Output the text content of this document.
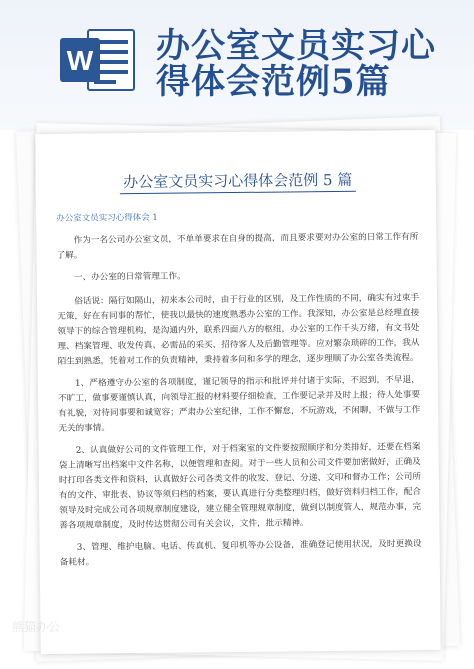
W 办公室文员实习心得体会范例5篇
办公室文员实习心得体会范例 5 篇
办公室文员实习心得体会 1

作为一名公司办公室文员，不单单要求在自身的提高，而且要求要对办公室的日常工作有所了解。

一、办公室的日常管理工作。

俗话说：隔行如隔山，初来本公司时，由于行业的区别，及工作性质的不同，确实有过束手无策，好在有同事的帮忙，使我以最快的速度熟悉办公室的工作。我深知，办公室是总经理直接领导下的综合管理机构，是沟通内外，联系四面八方的枢纽，办公室的工作千头万绪，有文书处理、档案管理、收发传真、必需品的采买、招待客人及后勤管理等。应对繁杂琐碎的工作，我从陌生到熟悉，凭着对工作的负责精神，秉持着多问和多学的理念，逐步理顺了办公室各类流程。

1、严格遵守办公室的各项制度，谨记领导的指示和批评并付诸于实际，不迟到，不早退，不旷工，做事要谨慎认真，向领导汇报的材料要仔细检查，工作要记录并及时上报；待人处事要有礼貌，对待同事要和诚宽容；严肃办公室纪律，工作不懈怠，不玩游戏，不闲聊，不做与工作无关的事情。

2、认真做好公司的文件管理工作，对于档案室的文件要按照顺序和分类排好，还要在档案袋上清晰写出档案中文件名称，以便管理和查阅。对于一些人员和公司文件要加密做好，正确及时打印各类文件和资料，认真做好公司各类文件的收发、登记、分递、文印和督办工作；公司所有的文件、审批表、协议等须归档的档案，要认真进行分类整理归档，做好资料归档工作，配合领导及时完成公司各项规章制度建设，建立健全管理规章制度，做到以制度管人，规范办事，完善各项规章制度，及时传达贯彻公司有关会议，文件，批示精神。

3、管理、维护电脑、电话、传真机、复印机等办公设备，准确登记使用状况，及时更换设备耗材。

熊猫办公
